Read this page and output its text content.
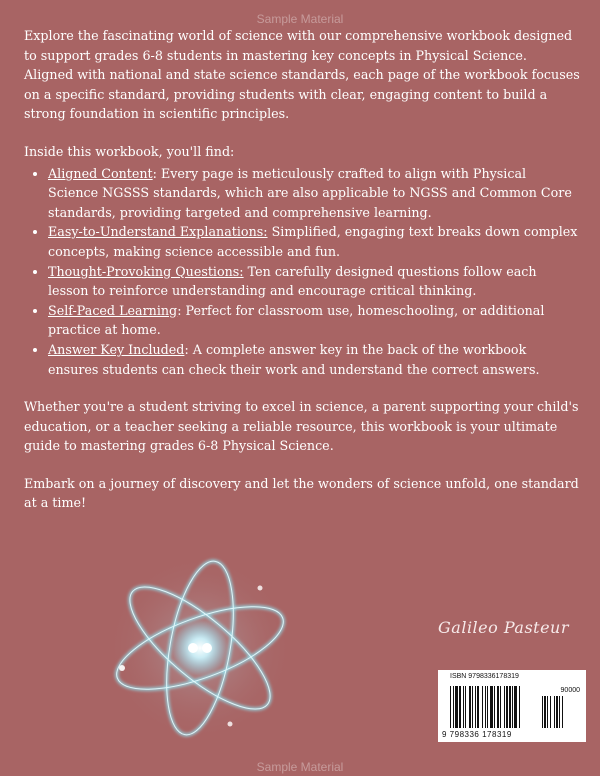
Sample Material

Explore the fascinating world of science with our comprehensive workbook designed to support grades 6-8 students in mastering key concepts in Physical Science. Aligned with national and state science standards, each page of the workbook focuses on a specific standard, providing students with clear, engaging content to build a strong foundation in scientific principles.

Inside this workbook, you'll find:

• Aligned Content: Every page is meticulously crafted to align with Physical Science NGSSS standards, which are also applicable to NGSS and Common Core standards, providing targeted and comprehensive learning.
• Easy-to-Understand Explanations: Simplified, engaging text breaks down complex concepts, making science accessible and fun.
• Thought-Provoking Questions: Ten carefully designed questions follow each lesson to reinforce understanding and encourage critical thinking.
• Self-Paced Learning: Perfect for classroom use, homeschooling, or additional practice at home.
• Answer Key Included: A complete answer key in the back of the workbook ensures students can check their work and understand the correct answers.

Whether you're a student striving to excel in science, a parent supporting your child's education, or a teacher seeking a reliable resource, this workbook is your ultimate guide to mastering grades 6-8 Physical Science.

Embark on a journey of discovery and let the wonders of science unfold, one standard at a time!

Galileo Pasteur
ISBN 9798336178319
90000
9 798336 178319
Sample Material
